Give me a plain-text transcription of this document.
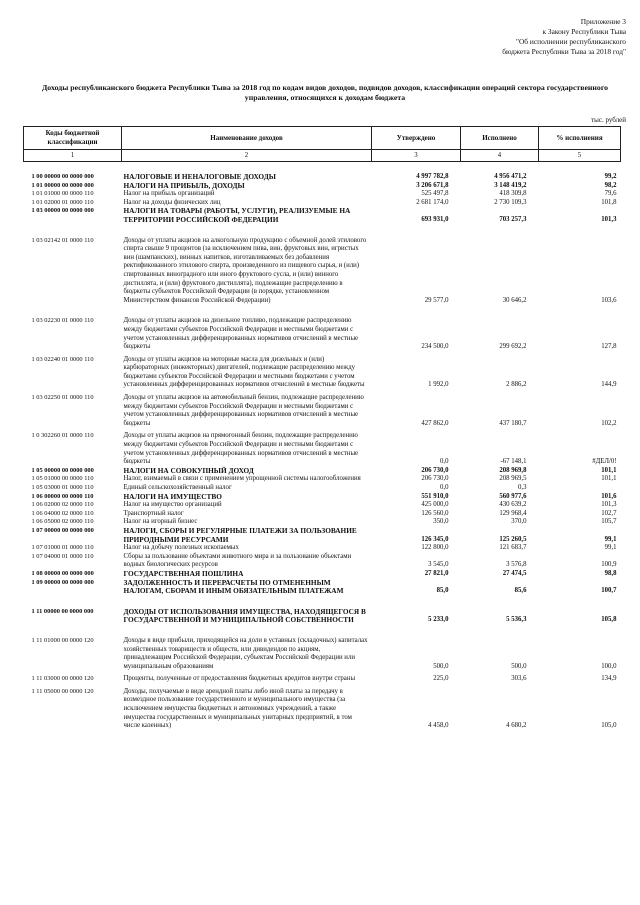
Приложение 3
к Закону Республики Тыва
"Об исполнении республиканского
бюджета Республики Тыва за 2018 год"
Доходы республиканского бюджета Республики Тыва за 2018 год по кодам видов доходов, подвидов доходов, классификации операций сектора государственного управления, относящихся к доходам бюджета
тыс. рублей
Коды бюджетной классификации	Наименование доходов	Утверждено	Исполнено	% исполнения
1	2	3	4	5

1 00 00000 00 0000 000	НАЛОГОВЫЕ И НЕНАЛОГОВЫЕ ДОХОДЫ	4 997 782,8	4 956 471,2	99,2
1 01 00000 00 0000 000	НАЛОГИ НА ПРИБЫЛЬ, ДОХОДЫ	3 206 671,8	3 148 419,2	98,2
1 01 01000 00 0000 110	Налог на прибыль организаций	525 497,8	418 309,8	79,6
1 01 02000 01 0000 110	Налог на доходы физических лиц	2 681 174,0	2 730 109,3	101,8
1 03 00000 00 0000 000	НАЛОГИ НА ТОВАРЫ (РАБОТЫ, УСЛУГИ), РЕАЛИЗУЕМЫЕ НА ТЕРРИТОРИИ РОССИЙСКОЙ ФЕДЕРАЦИИ	693 931,0	703 257,3	101,3
1 03 02142 01 0000 110	Доходы от уплаты акцизов на алкогольную продукцию с объемной долей этилового спирта свыше 9 процентов (за исключением пива, вин, фруктовых вин, игристых вин (шампанских), винных напитков, изготавливаемых без добавления ректификованного этилового спирта, произведенного из пищевого сырья, и (или) спиртованных виноградного или иного фруктового сусла, и (или) винного дистиллята, и (или) фруктового дистиллята), подлежащие распределению в бюджеты субъектов Российской Федерации (в порядке, установленном Министерством финансов Российской Федерации)	29 577,0	30 646,2	103,6
1 03 02230 01 0000 110	Доходы от уплаты акцизов на дизельное топливо, подлежащие распределению между бюджетами субъектов Российской Федерации и местными бюджетами с учетом установленных дифференцированных нормативов отчислений в местные бюджеты	234 500,0	299 692,2	127,8
1 03 02240 01 0000 110	Доходы от уплаты акцизов на моторные масла для дизельных и (или) карбюраторных (инжекторных) двигателей, подлежащие распределению между бюджетами субъектов Российской Федерации и местными бюджетами с учетом установленных дифференцированных нормативов отчислений в местные бюджеты	1 992,0	2 886,2	144,9
1 03 02250 01 0000 110	Доходы от уплаты акцизов на автомобильный бензин, подлежащие распределению между бюджетами субъектов Российской Федерации и местными бюджетами с учетом установленных дифференцированных нормативов отчислений в местные бюджеты	427 862,0	437 180,7	102,2
1 0 302260 01 0000 110	Доходы от уплаты акцизов на прямогонный бензин, подлежащие распределению между бюджетами субъектов Российской Федерации и местными бюджетами с учетом установленных дифференцированных нормативов отчислений в местные бюджеты	0,0	-67 148,1	#ДЕЛ/0!
1 05 00000 00 0000 000	НАЛОГИ НА СОВОКУПНЫЙ ДОХОД	206 730,0	208 969,8	101,1
1 05 01000 00 0000 110	Налог, взимаемый в связи с применением упрощенной системы налогообложения	206 730,0	208 969,5	101,1
1 05 03000 01 0000 110	Единый сельскохозяйственный налог	0,0	0,3	
1 06 00000 00 0000 110	НАЛОГИ НА ИМУЩЕСТВО	551 910,0	560 977,6	101,6
1 06 02000 02 0000 110	Налог на имущество организаций	425 000,0	430 639,2	101,3
1 06 04000 02 0000 110	Транспортный налог	126 560,0	129 968,4	102,7
1 06 05000 02 0000 110	Налог на игорный бизнес	350,0	370,0	105,7
1 07 00000 00 0000 000	НАЛОГИ, СБОРЫ И РЕГУЛЯРНЫЕ ПЛАТЕЖИ ЗА ПОЛЬЗОВАНИЕ ПРИРОДНЫМИ РЕСУРСАМИ	126 345,0	125 260,5	99,1
1 07 01000 01 0000 110	Налог на добычу полезных ископаемых	122 800,0	121 683,7	99,1
1 07 04000 01 0000 110	Сборы за пользование объектами животного мира и за пользование объектами водных биологических ресурсов	3 545,0	3 576,8	100,9
1 08 00000 00 0000 000	ГОСУДАРСТВЕННАЯ ПОШЛИНА	27 821,0	27 474,5	98,8
1 09 00000 00 0000 000	ЗАДОЛЖЕННОСТЬ И ПЕРЕРАСЧЕТЫ ПО ОТМЕНЕННЫМ НАЛОГАМ, СБОРАМ И ИНЫМ ОБЯЗАТЕЛЬНЫМ ПЛАТЕЖАМ	85,0	85,6	100,7
1 11 00000 00 0000 000	ДОХОДЫ ОТ ИСПОЛЬЗОВАНИЯ ИМУЩЕСТВА, НАХОДЯЩЕГОСЯ В ГОСУДАРСТВЕННОЙ И МУНИЦИПАЛЬНОЙ СОБСТВЕННОСТИ	5 233,0	5 536,3	105,8
1 11 01000 00 0000 120	Доходы в виде прибыли, приходящейся на доли в уставных (складочных) капиталах хозяйственных товариществ и обществ, или дивидендов по акциям, принадлежащим Российской Федерации, субъектам Российской Федерации или муниципальным образованиям	500,0	500,0	100,0
1 11 03000 00 0000 120	Проценты, полученные от предоставления бюджетных кредитов внутри страны	225,0	303,6	134,9
1 11 05000 00 0000 120	Доходы, получаемые в виде арендной платы либо иной платы за передачу в возмездное пользование государственного и муниципального имущества (за исключением имущества бюджетных и автономных учреждений, а также имущества государственных и муниципальных унитарных предприятий, в том числе казенных)	4 458,0	4 680,2	105,0
